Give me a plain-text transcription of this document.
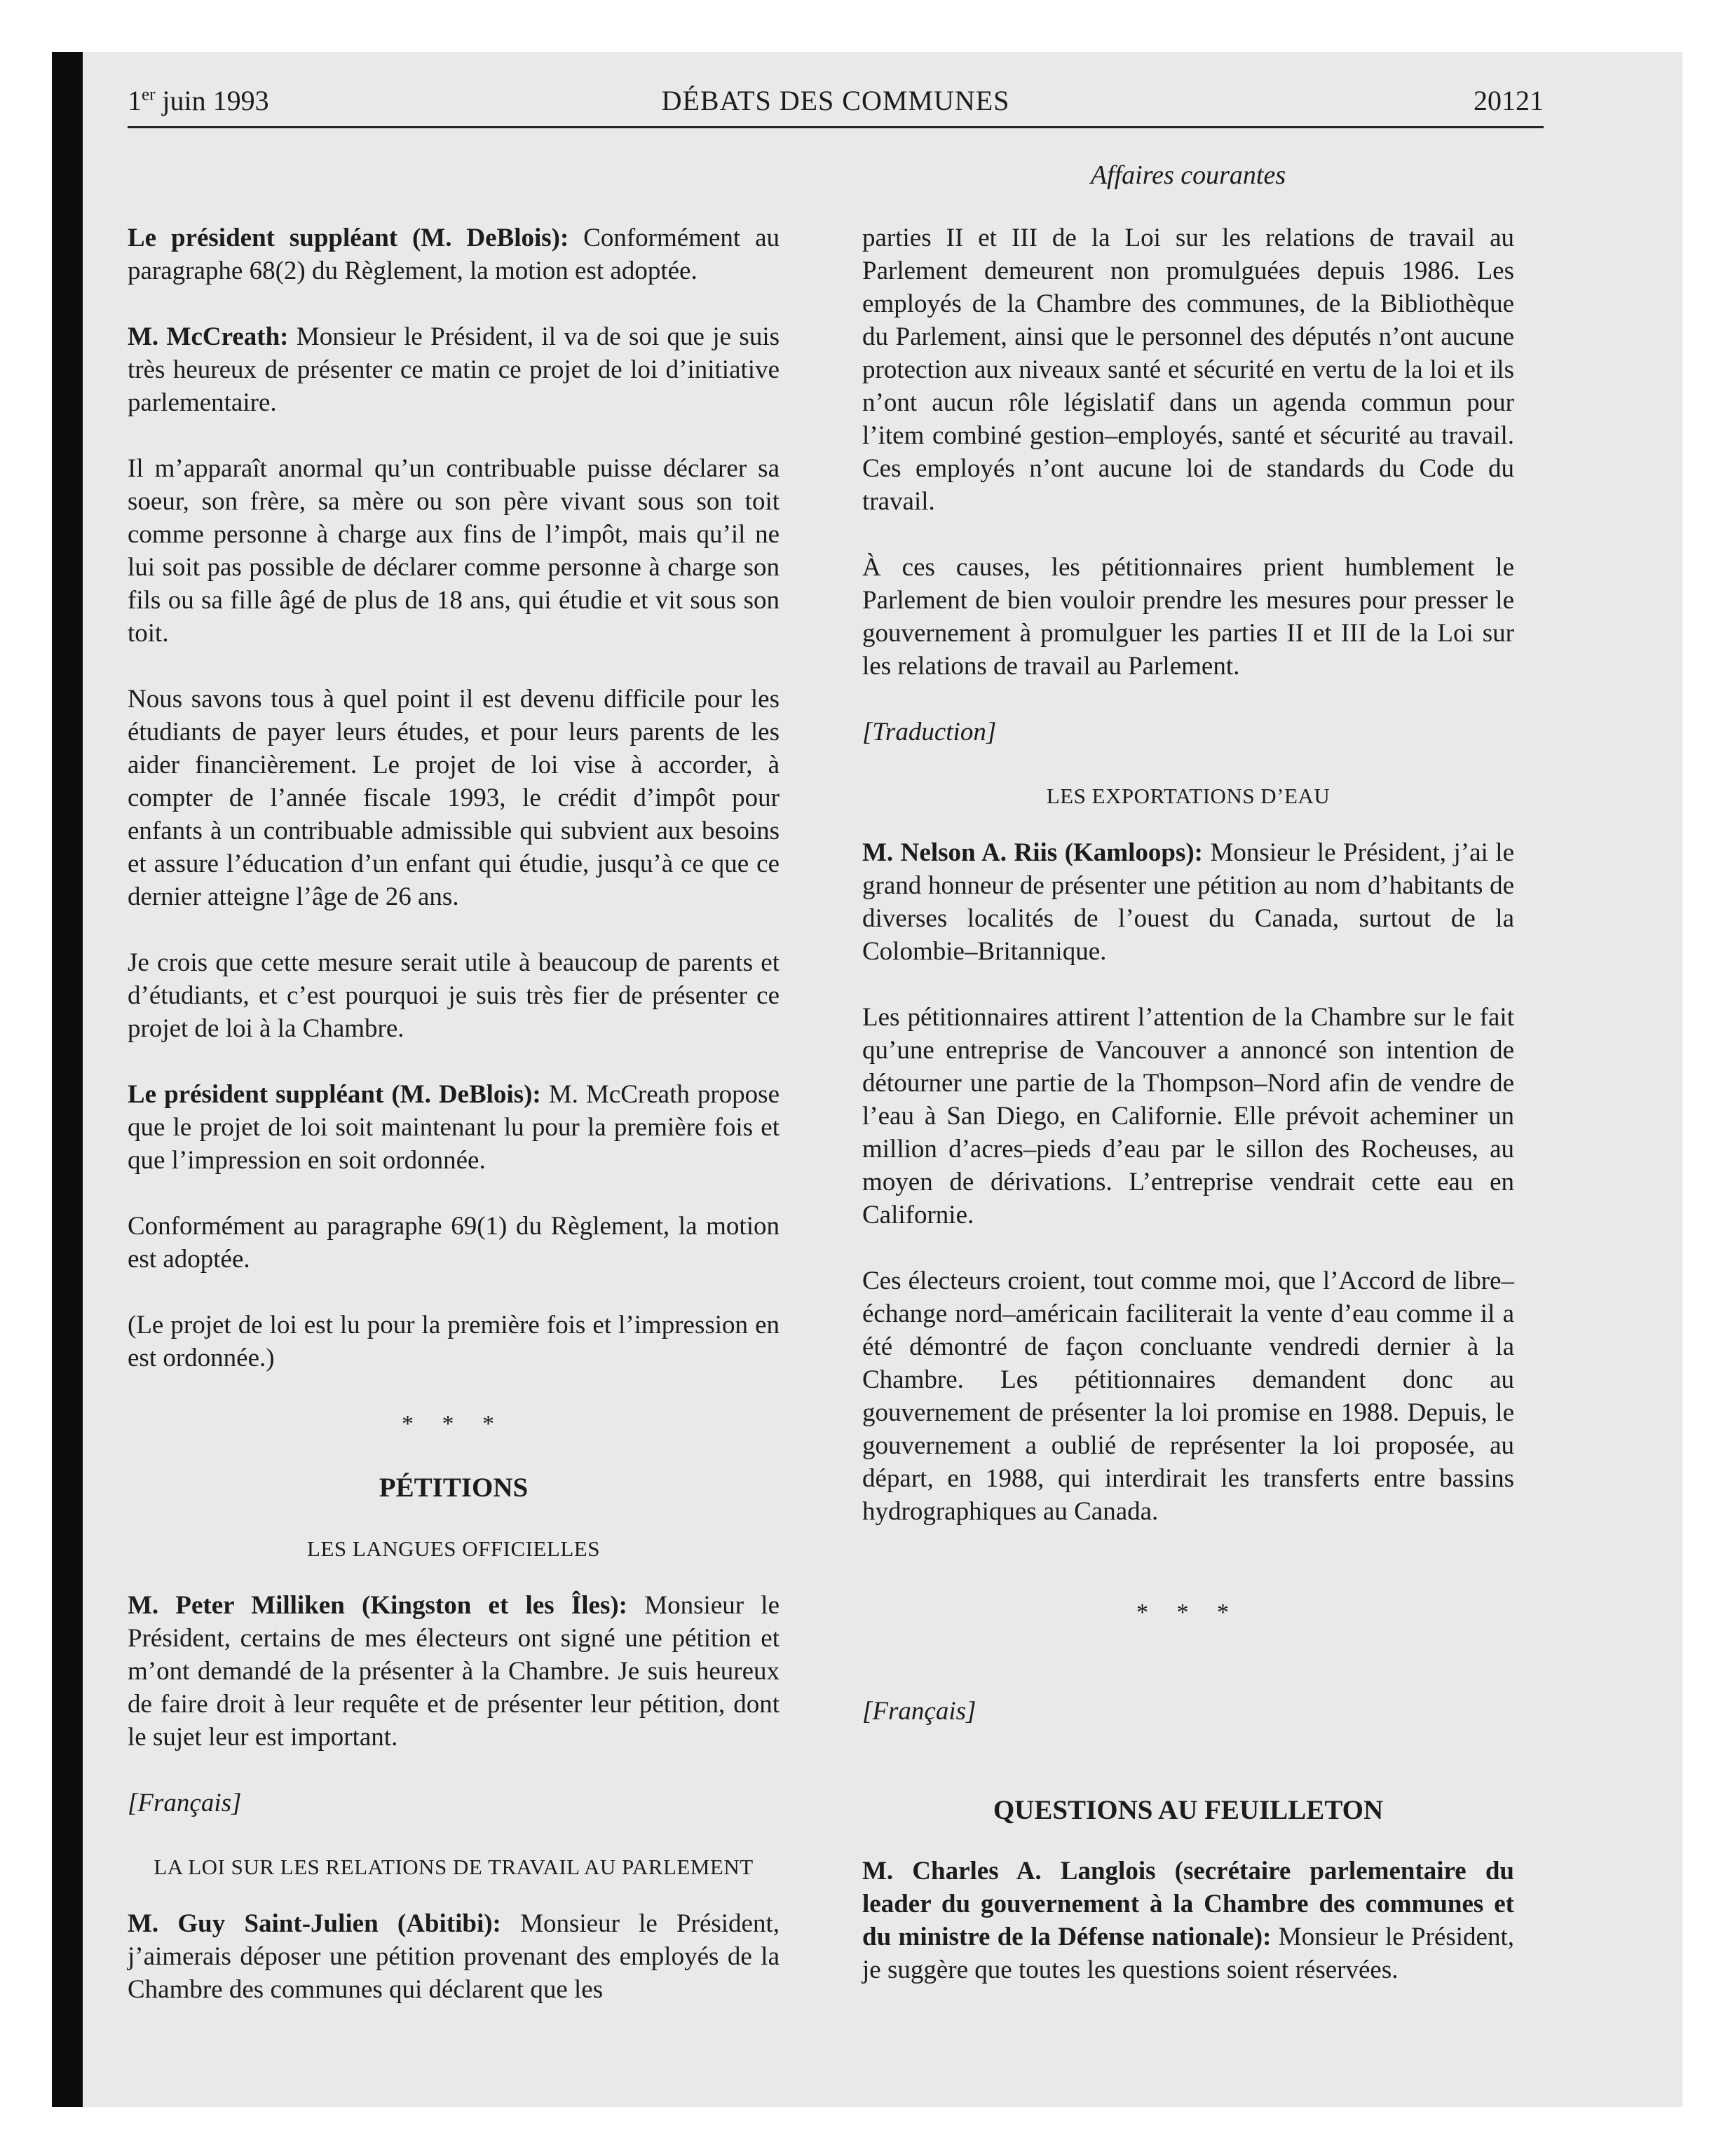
1er juin 1993	DÉBATS DES COMMUNES	20121
Affaires courantes

Le président suppléant (M. DeBlois): Conformément au paragraphe 68(2) du Règlement, la motion est adoptée.

M. McCreath: Monsieur le Président, il va de soi que je suis très heureux de présenter ce matin ce projet de loi d’initiative parlementaire.

Il m’apparaît anormal qu’un contribuable puisse déclarer sa soeur, son frère, sa mère ou son père vivant sous son toit comme personne à charge aux fins de l’impôt, mais qu’il ne lui soit pas possible de déclarer comme personne à charge son fils ou sa fille âgé de plus de 18 ans, qui étudie et vit sous son toit.

Nous savons tous à quel point il est devenu difficile pour les étudiants de payer leurs études, et pour leurs parents de les aider financièrement. Le projet de loi vise à accorder, à compter de l’année fiscale 1993, le crédit d’impôt pour enfants à un contribuable admissible qui subvient aux besoins et assure l’éducation d’un enfant qui étudie, jusqu’à ce que ce dernier atteigne l’âge de 26 ans.

Je crois que cette mesure serait utile à beaucoup de parents et d’étudiants, et c’est pourquoi je suis très fier de présenter ce projet de loi à la Chambre.

Le président suppléant (M. DeBlois): M. McCreath propose que le projet de loi soit maintenant lu pour la première fois et que l’impression en soit ordonnée.

Conformément au paragraphe 69(1) du Règlement, la motion est adoptée.

(Le projet de loi est lu pour la première fois et l’impression en est ordonnée.)

* * *
PÉTITIONS
LES LANGUES OFFICIELLES

M. Peter Milliken (Kingston et les Îles): Monsieur le Président, certains de mes électeurs ont signé une pétition et m’ont demandé de la présenter à la Chambre. Je suis heureux de faire droit à leur requête et de présenter leur pétition, dont le sujet leur est important.

[Français]

LA LOI SUR LES RELATIONS DE TRAVAIL AU PARLEMENT

M. Guy Saint-Julien (Abitibi): Monsieur le Président, j’aimerais déposer une pétition provenant des employés de la Chambre des communes qui déclarent que les

parties II et III de la Loi sur les relations de travail au Parlement demeurent non promulguées depuis 1986. Les employés de la Chambre des communes, de la Bibliothèque du Parlement, ainsi que le personnel des députés n’ont aucune protection aux niveaux santé et sécurité en vertu de la loi et ils n’ont aucun rôle législatif dans un agenda commun pour l’item combiné gestion–employés, santé et sécurité au travail. Ces employés n’ont aucune loi de standards du Code du travail.

À ces causes, les pétitionnaires prient humblement le Parlement de bien vouloir prendre les mesures pour presser le gouvernement à promulguer les parties II et III de la Loi sur les relations de travail au Parlement.

[Traduction]

LES EXPORTATIONS D’EAU

M. Nelson A. Riis (Kamloops): Monsieur le Président, j’ai le grand honneur de présenter une pétition au nom d’habitants de diverses localités de l’ouest du Canada, surtout de la Colombie–Britannique.

Les pétitionnaires attirent l’attention de la Chambre sur le fait qu’une entreprise de Vancouver a annoncé son intention de détourner une partie de la Thompson–Nord afin de vendre de l’eau à San Diego, en Californie. Elle prévoit acheminer un million d’acres–pieds d’eau par le sillon des Rocheuses, au moyen de dérivations. L’entreprise vendrait cette eau en Californie.

Ces électeurs croient, tout comme moi, que l’Accord de libre–échange nord–américain faciliterait la vente d’eau comme il a été démontré de façon concluante vendredi dernier à la Chambre. Les pétitionnaires demandent donc au gouvernement de présenter la loi promise en 1988. Depuis, le gouvernement a oublié de représenter la loi proposée, au départ, en 1988, qui interdirait les transferts entre bassins hydrographiques au Canada.

* * *

[Français]

QUESTIONS AU FEUILLETON

M. Charles A. Langlois (secrétaire parlementaire du leader du gouvernement à la Chambre des communes et du ministre de la Défense nationale): Monsieur le Président, je suggère que toutes les questions soient réservées.
